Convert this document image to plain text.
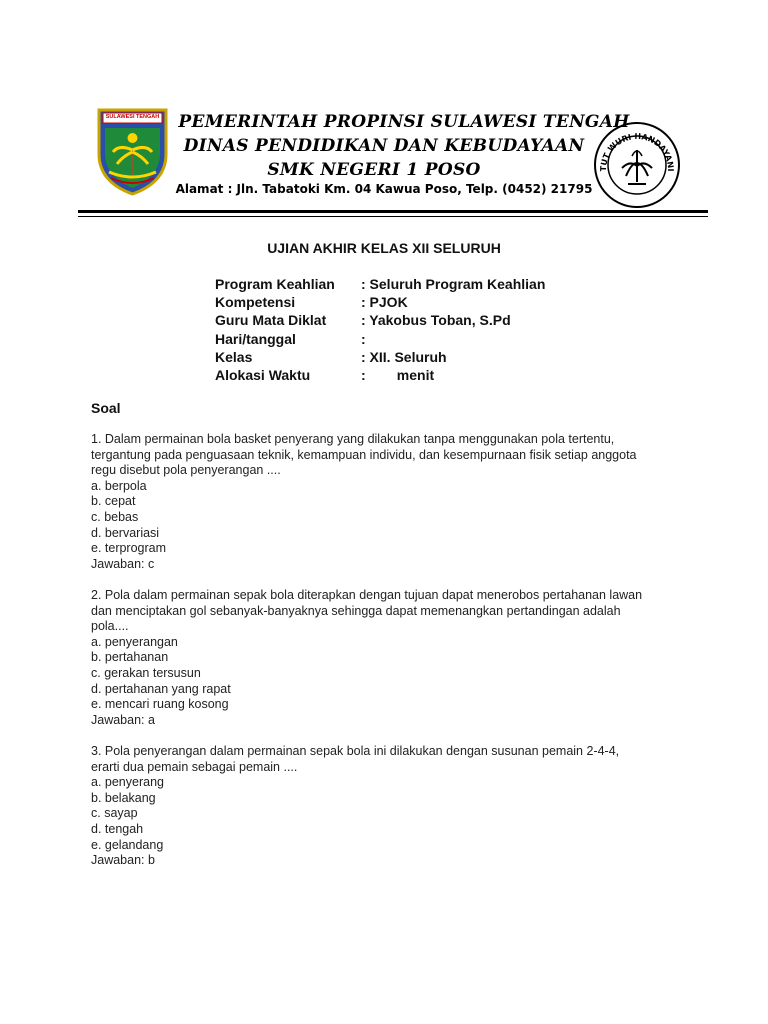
SULAWESI TENGAH	PEMERINTAH PROPINSI SULAWESI TENGAH
DINAS PENDIDIKAN DAN KEBUDAYAAN
SMK NEGERI 1 POSO
Alamat : Jln. Tabatoki Km. 04 Kawua Poso, Telp. (0452) 21795
TUT WURI HANDAYANI
UJIAN AKHIR KELAS XII SELURUH
Program Keahlian : Seluruh Program Keahlian
Kompetensi	: PJOK
Guru Mata Diklat : Yakobus Toban, S.Pd
Hari/tanggal	:
Kelas	: XII. Seluruh
Alokasi Waktu	:        menit
Soal
1. Dalam permainan bola basket penyerang yang dilakukan tanpa menggunakan pola tertentu,
tergantung pada penguasaan teknik, kemampuan individu, dan kesempurnaan fisik setiap anggota
regu disebut pola penyerangan ....
a. berpola
b. cepat
c. bebas
d. bervariasi
e. terprogram
Jawaban: c
2. Pola dalam permainan sepak bola diterapkan dengan tujuan dapat menerobos pertahanan lawan
dan menciptakan gol sebanyak-banyaknya sehingga dapat memenangkan pertandingan adalah
pola....
a. penyerangan
b. pertahanan
c. gerakan tersusun
d. pertahanan yang rapat
e. mencari ruang kosong
Jawaban: a
3. Pola penyerangan dalam permainan sepak bola ini dilakukan dengan susunan pemain 2-4-4,
erarti dua pemain sebagai pemain ....
a. penyerang
b. belakang
c. sayap
d. tengah
e. gelandang
Jawaban: b
